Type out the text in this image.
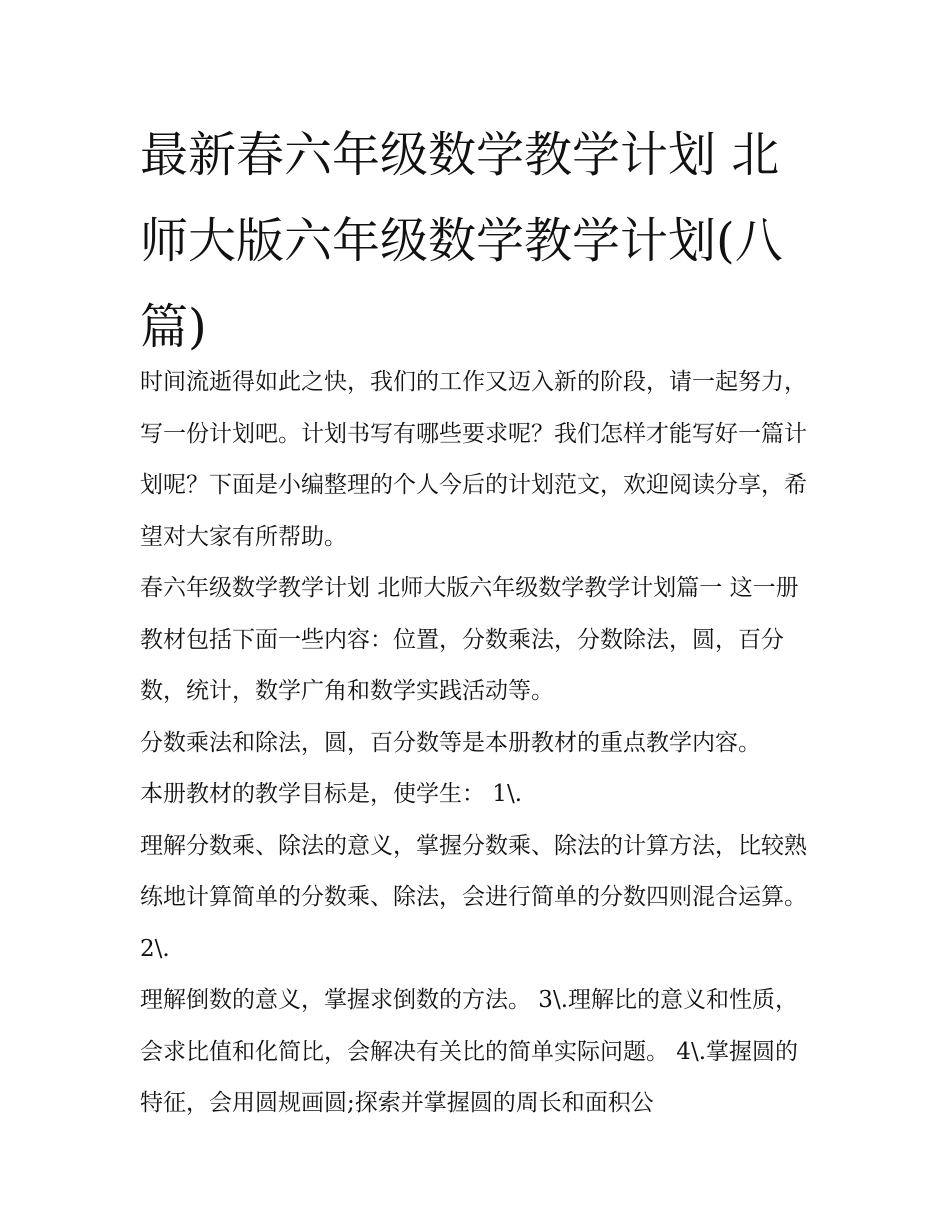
最新春六年级数学教学计划 北师大版六年级数学教学计划(八篇)

时间流逝得如此之快，我们的工作又迈入新的阶段，请一起努力，写一份计划吧。计划书写有哪些要求呢？我们怎样才能写好一篇计划呢？下面是小编整理的个人今后的计划范文，欢迎阅读分享，希望对大家有所帮助。

春六年级数学教学计划 北师大版六年级数学教学计划篇一 这一册教材包括下面一些内容：位置，分数乘法，分数除法，圆，百分数，统计，数学广角和数学实践活动等。

分数乘法和除法，圆，百分数等是本册教材的重点教学内容。

本册教材的教学目标是，使学生： 1\.

理解分数乘、除法的意义，掌握分数乘、除法的计算方法，比较熟练地计算简单的分数乘、除法，会进行简单的分数四则混合运算。 2\.

理解倒数的意义，掌握求倒数的方法。 3\.理解比的意义和性质，会求比值和化简比，会解决有关比的简单实际问题。 4\.掌握圆的特征，会用圆规画圆;探索并掌握圆的周长和面积公
